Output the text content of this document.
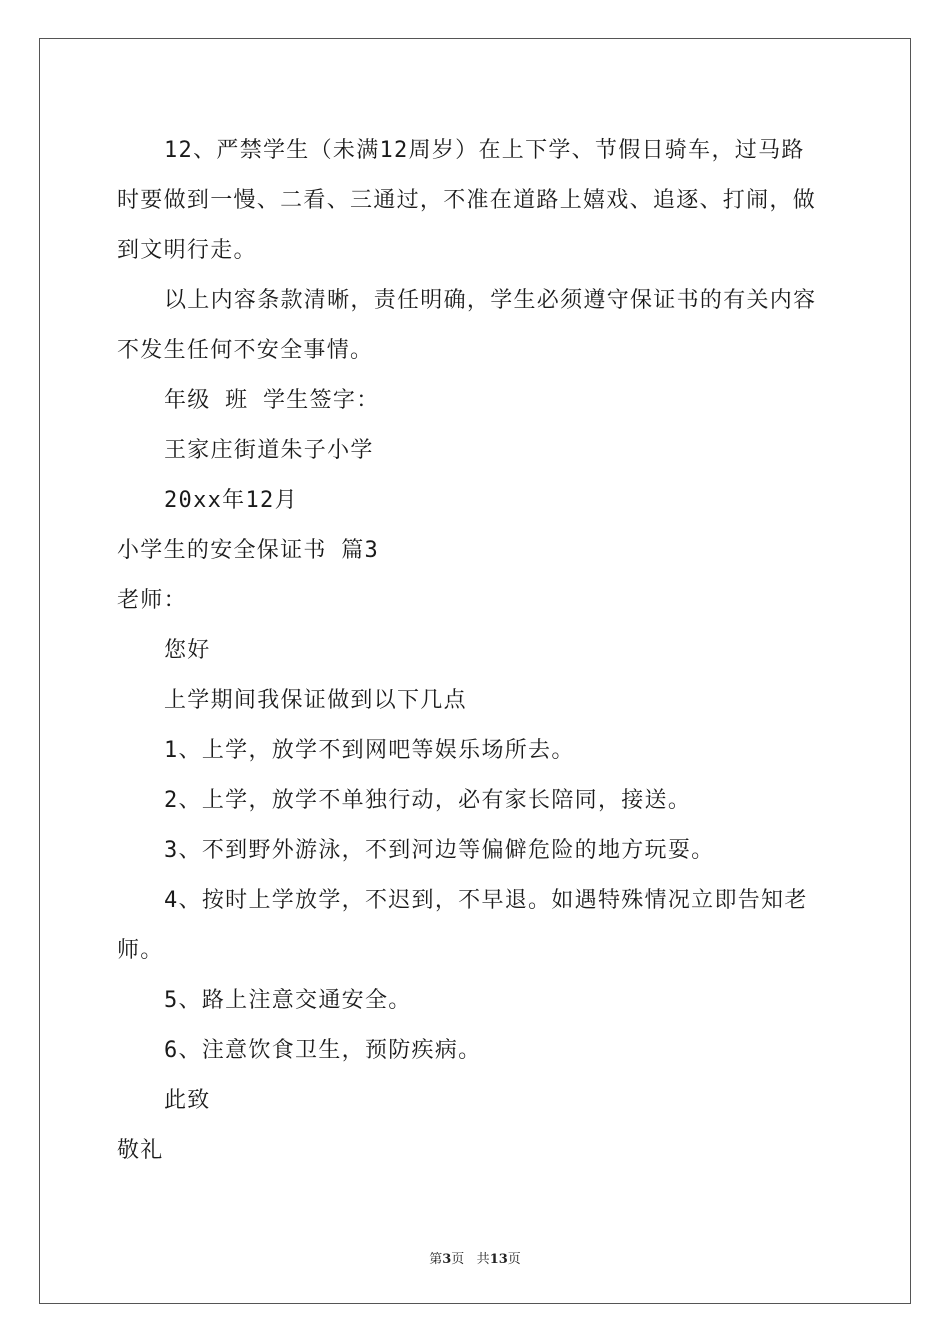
12、严禁学生（未满12周岁）在上下学、节假日骑车，过马路
时要做到一慢、二看、三通过，不准在道路上嬉戏、追逐、打闹，做
到文明行走。
以上内容条款清晰，责任明确，学生必须遵守保证书的有关内容
不发生任何不安全事情。
年级 班 学生签字：
王家庄街道朱子小学
20xx年12月
小学生的安全保证书 篇3
老师：
您好
上学期间我保证做到以下几点
1、上学，放学不到网吧等娱乐场所去。
2、上学，放学不单独行动，必有家长陪同，接送。
3、不到野外游泳，不到河边等偏僻危险的地方玩耍。
4、按时上学放学，不迟到，不早退。如遇特殊情况立即告知老
师。
5、路上注意交通安全。
6、注意饮食卫生，预防疾病。
此致
敬礼
第3页 共13页
